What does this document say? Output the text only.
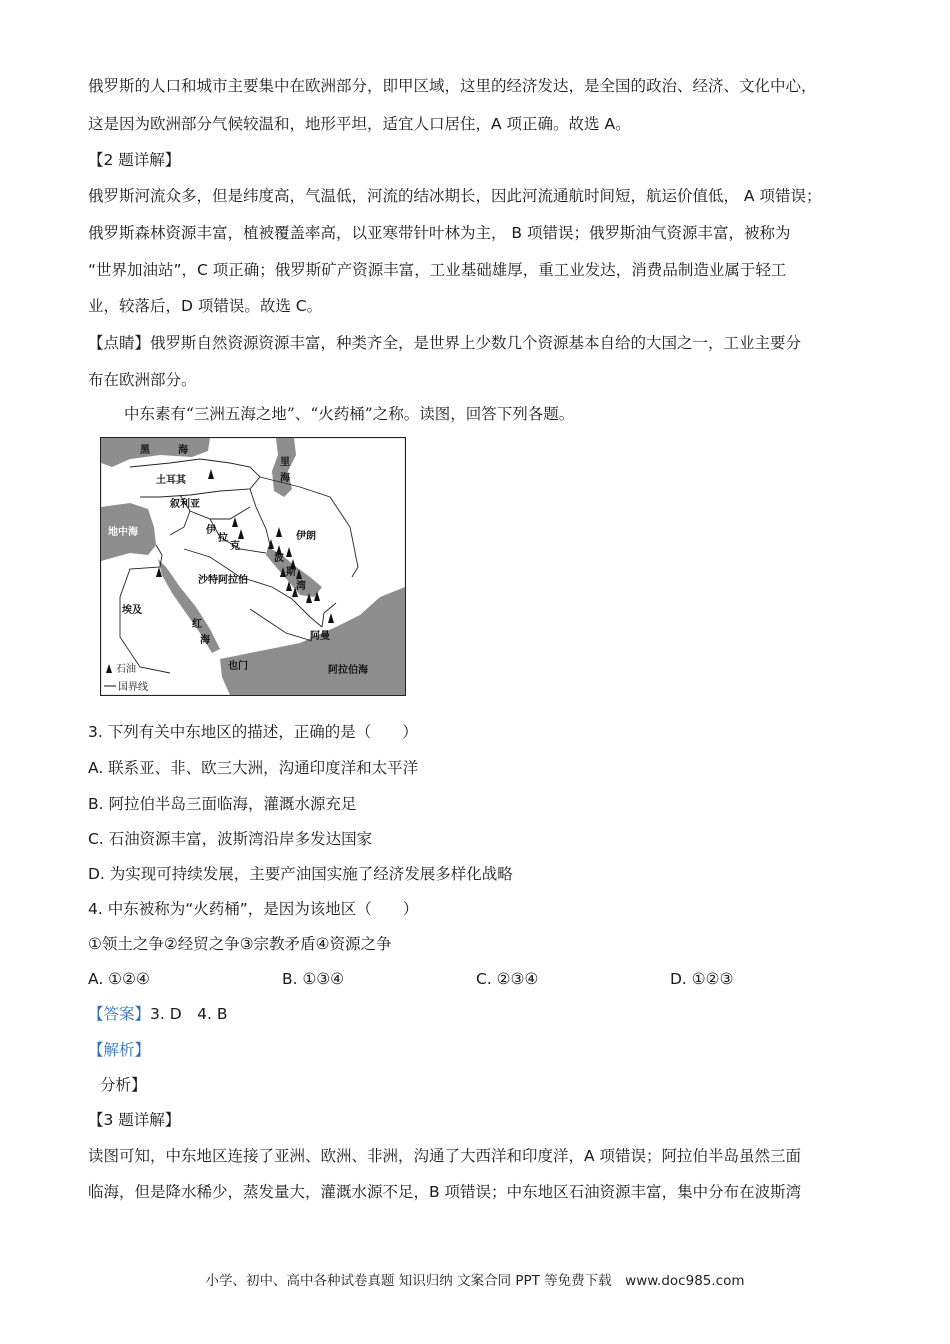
俄罗斯的人口和城市主要集中在欧洲部分，即甲区域，这里的经济发达，是全国的政治、经济、文化中心，
这是因为欧洲部分气候较温和，地形平坦，适宜人口居住，A 项正确。故选 A。
【2 题详解】
俄罗斯河流众多，但是纬度高，气温低，河流的结冰期长，因此河流通航时间短，航运价值低， A 项错误；
俄罗斯森林资源丰富，植被覆盖率高，以亚寒带针叶林为主， B 项错误；俄罗斯油气资源丰富，被称为
“世界加油站”，C 项正确；俄罗斯矿产资源丰富，工业基础雄厚，重工业发达，消费品制造业属于轻工
业，较落后，D 项错误。故选 C。
【点睛】俄罗斯自然资源资源丰富，种类齐全，是世界上少数几个资源基本自给的大国之一，工业主要分
布在欧洲部分。
中东素有“三洲五海之地”、“火药桶”之称。读图，回答下列各题。
黑	海
里
海
土耳其
叙利亚
伊
拉
克
伊朗
地中海
埃及
沙特阿拉伯
波
斯
湾
红
海
也门
阿曼
阿拉伯海
石油
国界线
3. 下列有关中东地区的描述，正确的是（　　）
A. 联系亚、非、欧三大洲，沟通印度洋和太平洋
B. 阿拉伯半岛三面临海，灌溉水源充足
C. 石油资源丰富，波斯湾沿岸多发达国家
D. 为实现可持续发展，主要产油国实施了经济发展多样化战略
4. 中东被称为“火药桶”，是因为该地区（　　）
①领土之争②经贸之争③宗教矛盾④资源之争
A. ①②④	B. ①③④	C. ②③④	D. ①②③
【答案】3. D　4. B
【解析】
分析】
【3 题详解】
读图可知，中东地区连接了亚洲、欧洲、非洲，沟通了大西洋和印度洋，A 项错误；阿拉伯半岛虽然三面
临海，但是降水稀少，蒸发量大，灌溉水源不足，B 项错误；中东地区石油资源丰富，集中分布在波斯湾
小学、初中、高中各种试卷真题 知识归纳 文案合同 PPT 等免费下载　www.doc985.com
